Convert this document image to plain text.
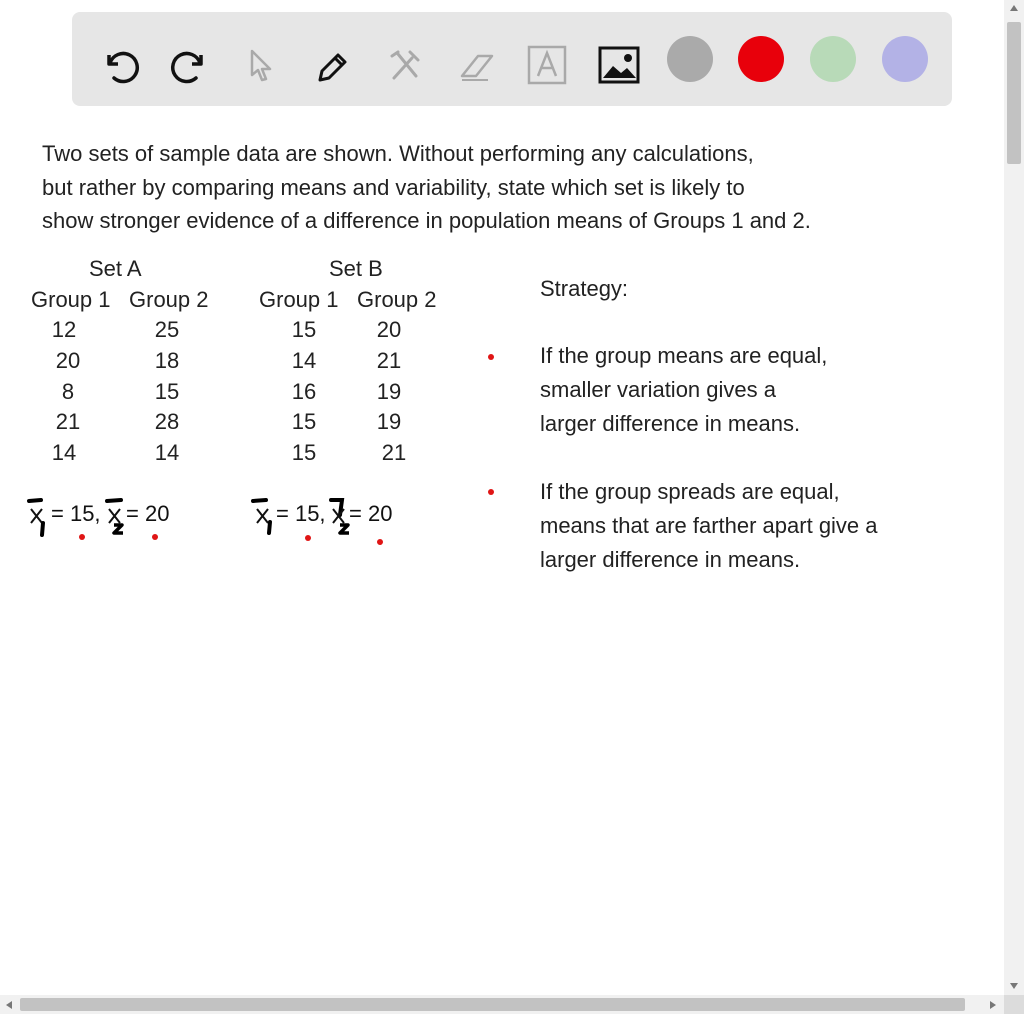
Two sets of sample data are shown. Without performing any calculations,
but rather by comparing means and variability, state which set is likely to
show stronger evidence of a difference in population means of Groups 1 and 2.
Set A
Group 1 Group 2
12
20
8
21
14
25
18
15
28
14
Set B
Group 1 Group 2
15
14
16
15
15
20
21
19
19
21
= 15, = 20	= 15, = 20
Strategy:
If the group means are equal,
smaller variation gives a
larger difference in means.
If the group spreads are equal,
means that are farther apart give a
larger difference in means.
